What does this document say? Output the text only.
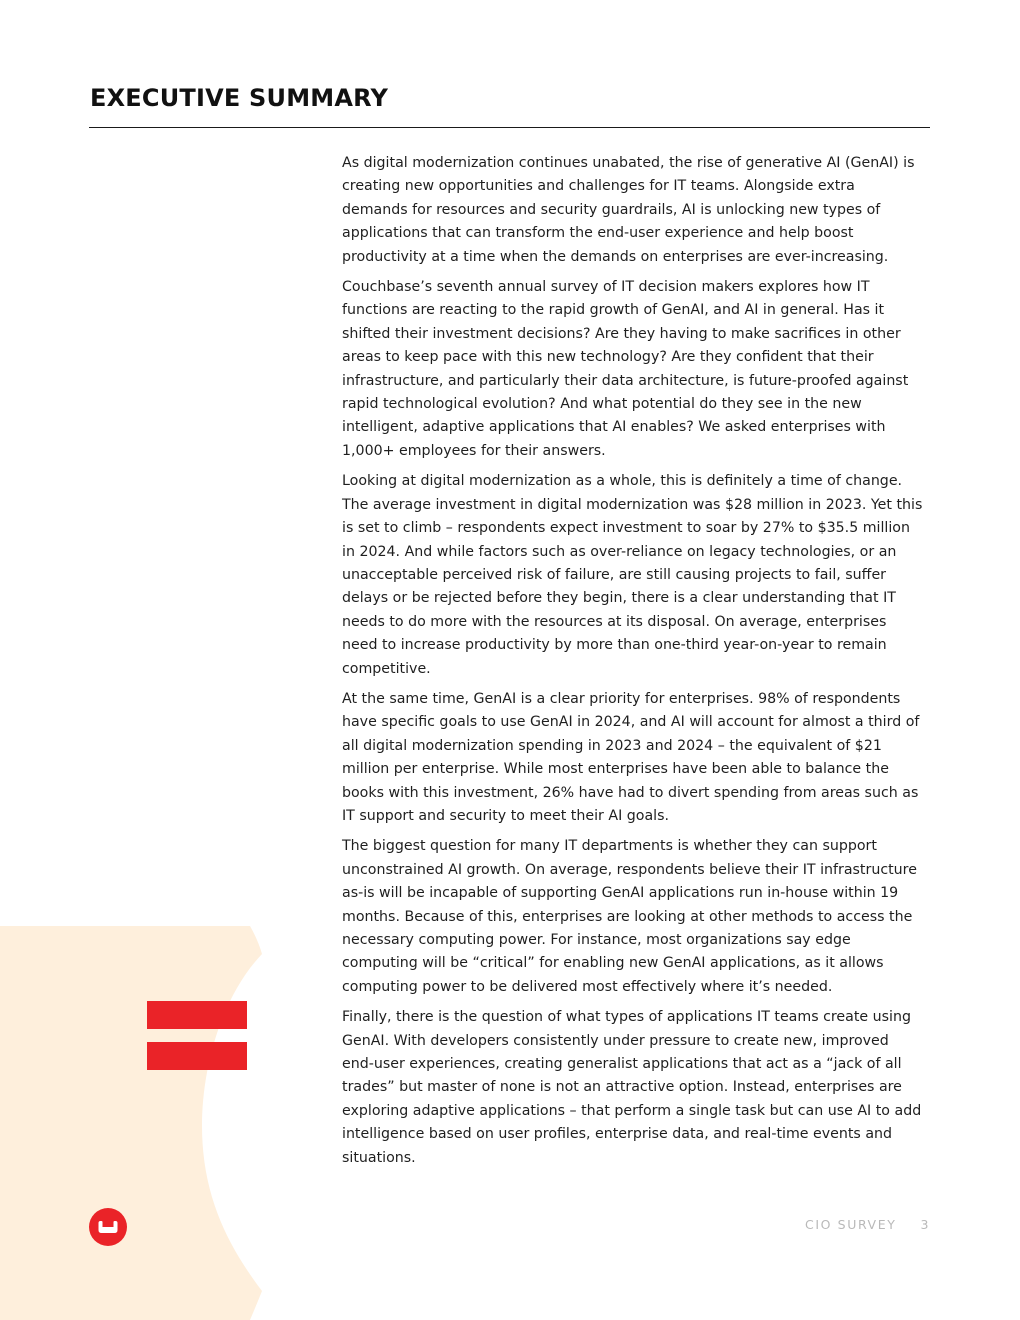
EXECUTIVE SUMMARY

As digital modernization continues unabated, the rise of generative AI (GenAI) is creating new opportunities and challenges for IT teams. Alongside extra demands for resources and security guardrails, AI is unlocking new types of applications that can transform the end-user experience and help boost productivity at a time when the demands on enterprises are ever-increasing.

Couchbase’s seventh annual survey of IT decision makers explores how IT functions are reacting to the rapid growth of GenAI, and AI in general. Has it shifted their investment decisions? Are they having to make sacrifices in other areas to keep pace with this new technology? Are they confident that their infrastructure, and particularly their data architecture, is future-proofed against rapid technological evolution? And what potential do they see in the new intelligent, adaptive applications that AI enables? We asked enterprises with 1,000+ employees for their answers.

Looking at digital modernization as a whole, this is definitely a time of change. The average investment in digital modernization was $28 million in 2023. Yet this is set to climb – respondents expect investment to soar by 27% to $35.5 million in 2024. And while factors such as over-reliance on legacy technologies, or an unacceptable perceived risk of failure, are still causing projects to fail, suffer delays or be rejected before they begin, there is a clear understanding that IT needs to do more with the resources at its disposal. On average, enterprises need to increase productivity by more than one-third year-on-year to remain competitive.

At the same time, GenAI is a clear priority for enterprises. 98% of respondents have specific goals to use GenAI in 2024, and AI will account for almost a third of all digital modernization spending in 2023 and 2024 – the equivalent of $21 million per enterprise. While most enterprises have been able to balance the books with this investment, 26% have had to divert spending from areas such as IT support and security to meet their AI goals.

The biggest question for many IT departments is whether they can support unconstrained AI growth. On average, respondents believe their IT infrastructure as-is will be incapable of supporting GenAI applications run in-house within 19 months. Because of this, enterprises are looking at other methods to access the necessary computing power. For instance, most organizations say edge computing will be “critical” for enabling new GenAI applications, as it allows computing power to be delivered most effectively where it’s needed.

Finally, there is the question of what types of applications IT teams create using GenAI. With developers consistently under pressure to create new, improved end-user experiences, creating generalist applications that act as a “jack of all trades” but master of none is not an attractive option. Instead, enterprises are exploring adaptive applications – that perform a single task but can use AI to add intelligence based on user profiles, enterprise data, and real-time events and situations.

CIO SURVEY 3
